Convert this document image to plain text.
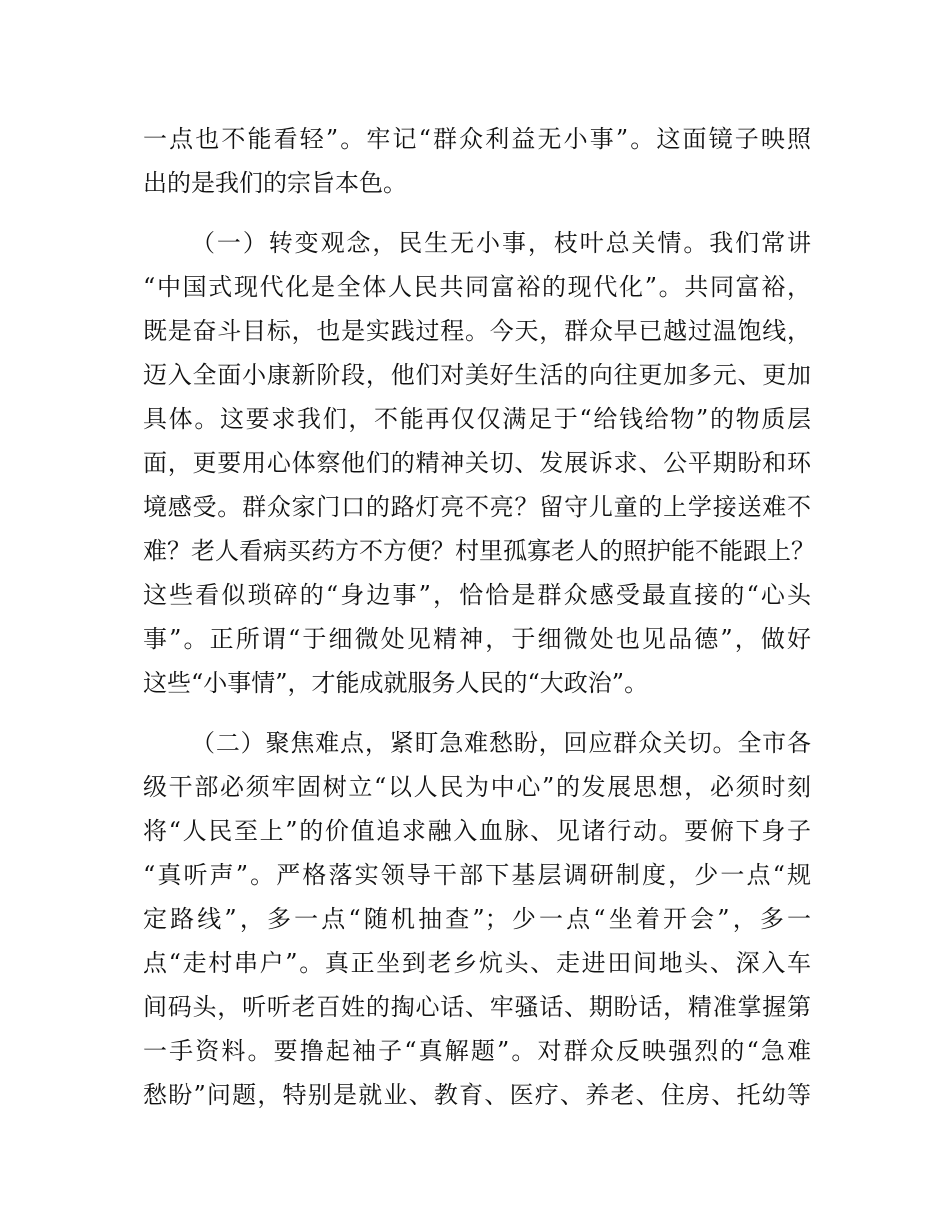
一点也不能看轻”。牢记“群众利益无小事”。这面镜子映照
出的是我们的宗旨本色。
（一）转变观念，民生无小事，枝叶总关情。我们常讲
“中国式现代化是全体人民共同富裕的现代化”。共同富裕，
既是奋斗目标，也是实践过程。今天，群众早已越过温饱线，
迈入全面小康新阶段，他们对美好生活的向往更加多元、更加
具体。这要求我们，不能再仅仅满足于“给钱给物”的物质层
面，更要用心体察他们的精神关切、发展诉求、公平期盼和环
境感受。群众家门口的路灯亮不亮？留守儿童的上学接送难不
难？老人看病买药方不方便？村里孤寡老人的照护能不能跟上？
这些看似琐碎的“身边事”，恰恰是群众感受最直接的“心头
事”。正所谓“于细微处见精神，于细微处也见品德”，做好
这些“小事情”，才能成就服务人民的“大政治”。
（二）聚焦难点，紧盯急难愁盼，回应群众关切。全市各
级干部必须牢固树立“以人民为中心”的发展思想，必须时刻
将“人民至上”的价值追求融入血脉、见诸行动。要俯下身子
“真听声”。严格落实领导干部下基层调研制度，少一点“规
定路线”，多一点“随机抽查”；少一点“坐着开会”，多一
点“走村串户”。真正坐到老乡炕头、走进田间地头、深入车
间码头，听听老百姓的掏心话、牢骚话、期盼话，精准掌握第
一手资料。要撸起袖子“真解题”。对群众反映强烈的“急难
愁盼”问题，特别是就业、教育、医疗、养老、住房、托幼等
